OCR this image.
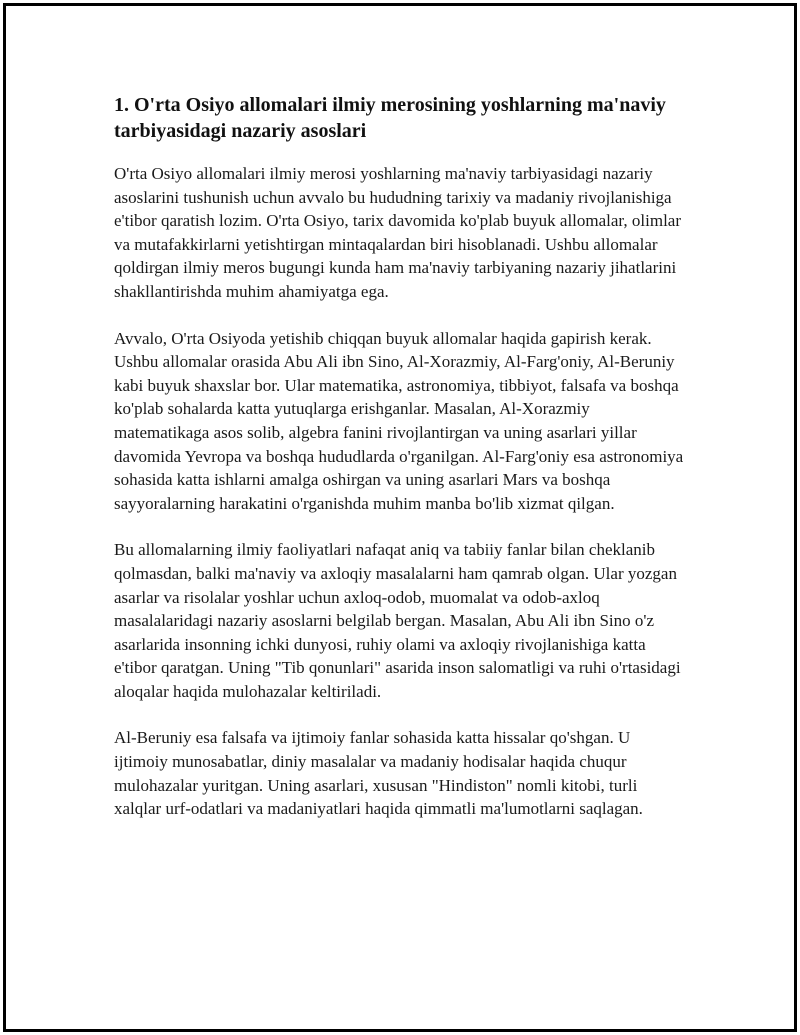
1. O'rta Osiyo allomalari ilmiy merosining yoshlarning ma'naviy tarbiyasidagi nazariy asoslari

O'rta Osiyo allomalari ilmiy merosi yoshlarning ma'naviy tarbiyasidagi nazariy asoslarini tushunish uchun avvalo bu hududning tarixiy va madaniy rivojlanishiga e'tibor qaratish lozim. O'rta Osiyo, tarix davomida ko'plab buyuk allomalar, olimlar va mutafakkirlarni yetishtirgan mintaqalardan biri hisoblanadi. Ushbu allomalar qoldirgan ilmiy meros bugungi kunda ham ma'naviy tarbiyaning nazariy jihatlarini shakllantirishda muhim ahamiyatga ega.

Avvalo, O'rta Osiyoda yetishib chiqqan buyuk allomalar haqida gapirish kerak. Ushbu allomalar orasida Abu Ali ibn Sino, Al-Xorazmiy, Al-Farg'oniy, Al-Beruniy kabi buyuk shaxslar bor. Ular matematika, astronomiya, tibbiyot, falsafa va boshqa ko'plab sohalarda katta yutuqlarga erishganlar. Masalan, Al-Xorazmiy matematikaga asos solib, algebra fanini rivojlantirgan va uning asarlari yillar davomida Yevropa va boshqa hududlarda o'rganilgan. Al-Farg'oniy esa astronomiya sohasida katta ishlarni amalga oshirgan va uning asarlari Mars va boshqa sayyoralarning harakatini o'rganishda muhim manba bo'lib xizmat qilgan.

Bu allomalarning ilmiy faoliyatlari nafaqat aniq va tabiiy fanlar bilan cheklanib qolmasdan, balki ma'naviy va axloqiy masalalarni ham qamrab olgan. Ular yozgan asarlar va risolalar yoshlar uchun axloq-odob, muomalat va odob-axloq masalalaridagi nazariy asoslarni belgilab bergan. Masalan, Abu Ali ibn Sino o'z asarlarida insonning ichki dunyosi, ruhiy olami va axloqiy rivojlanishiga katta e'tibor qaratgan. Uning "Tib qonunlari" asarida inson salomatligi va ruhi o'rtasidagi aloqalar haqida mulohazalar keltiriladi.

Al-Beruniy esa falsafa va ijtimoiy fanlar sohasida katta hissalar qo'shgan. U ijtimoiy munosabatlar, diniy masalalar va madaniy hodisalar haqida chuqur mulohazalar yuritgan. Uning asarlari, xususan "Hindiston" nomli kitobi, turli xalqlar urf-odatlari va madaniyatlari haqida qimmatli ma'lumotlarni saqlagan.
